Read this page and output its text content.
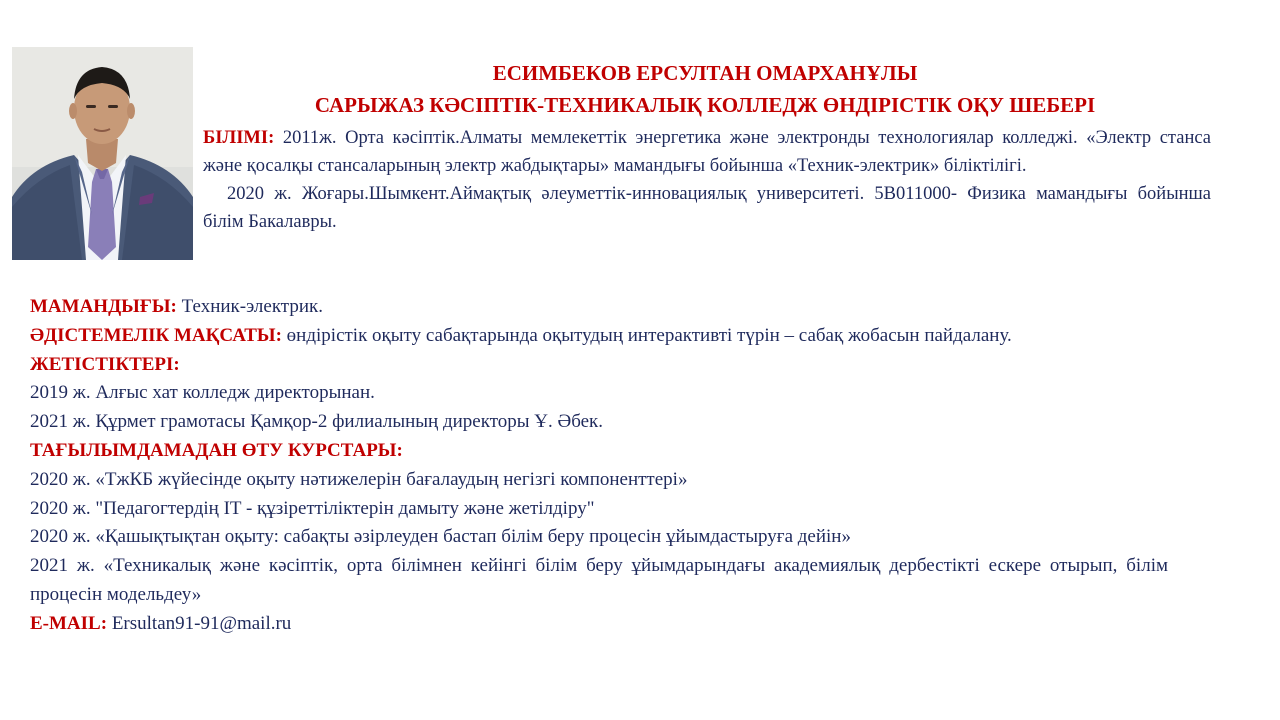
ЕСИМБЕКОВ ЕРСУЛТАН ОМАРХАНҰЛЫ
САРЫЖАЗ КӘСІПТІК-ТЕХНИКАЛЫҚ КОЛЛЕДЖ ӨНДІРІСТІК ОҚУ ШЕБЕРІ

БІЛІМІ: 2011ж. Орта кәсіптік.Алматы мемлекеттік энергетика және электронды технологиялар колледжі. «Электр станса және қосалқы стансаларының электр жабдықтары» мамандығы бойынша «Техник-электрик» біліктілігі.

2020 ж. Жоғары.Шымкент.Аймақтық әлеуметтік-инновациялық университеті. 5В011000- Физика мамандығы бойынша білім Бакалавры.

МАМАНДЫҒЫ: Техник-электрик.

ӘДІСТЕМЕЛІК МАҚСАТЫ: өндірістік оқыту сабақтарында оқытудың интерактивті түрін – сабақ жобасын пайдалану.

ЖЕТІСТІКТЕРІ:

2019 ж. Алғыс хат колледж директорынан.

2021 ж. Құрмет грамотасы Қамқор-2 филиалының директоры Ұ. Әбек.

ТАҒЫЛЫМДАМАДАН ӨТУ КУРСТАРЫ:

2020 ж. «ТжКБ жүйесінде оқыту нәтижелерін бағалаудың негізгі компоненттері»

2020 ж. "Педагогтердің IT - құзіреттіліктерін дамыту және жетілдіру"

2020 ж. «Қашықтықтан оқыту: сабақты әзірлеуден бастап білім беру процесін ұйымдастыруға дейін»

2021 ж. «Техникалық және кәсіптік, орта білімнен кейінгі білім беру ұйымдарындағы академиялық дербестікті ескере отырып, білім процесін модельдеу»

E-MAIL: Ersultan91-91@mail.ru
